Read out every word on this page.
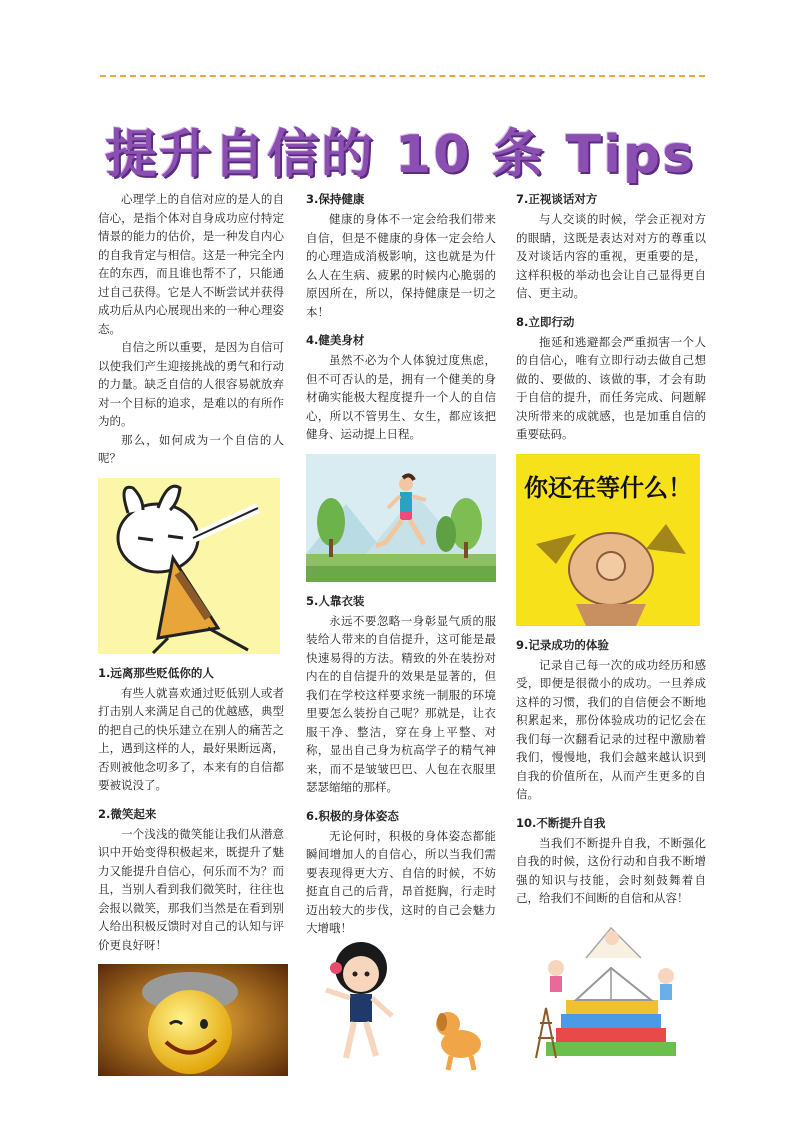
提升自信的 10 条 Tips

心理学上的自信对应的是人的自信心，是指个体对自身成功应付特定情景的能力的估价，是一种发自内心的自我肯定与相信。这是一种完全内在的东西，而且谁也帮不了，只能通过自己获得。它是人不断尝试并获得成功后从内心展现出来的一种心理姿态。

自信之所以重要，是因为自信可以使我们产生迎接挑战的勇气和行动的力量。缺乏自信的人很容易就放弃对一个目标的追求，是难以的有所作为的。

那么，如何成为一个自信的人呢？

1.远离那些贬低你的人

有些人就喜欢通过贬低别人或者打击别人来满足自己的优越感，典型的把自己的快乐建立在别人的痛苦之上，遇到这样的人，最好果断远离，否则被他念叨多了，本来有的自信都要被说没了。

2.微笑起来

一个浅浅的微笑能让我们从潜意识中开始变得积极起来，既提升了魅力又能提升自信心，何乐而不为？而且，当别人看到我们微笑时，往往也会报以微笑，那我们当然是在看到别人给出积极反馈时对自己的认知与评价更良好呀！

3.保持健康

健康的身体不一定会给我们带来自信，但是不健康的身体一定会给人的心理造成消极影响，这也就是为什么人在生病、疲累的时候内心脆弱的原因所在，所以，保持健康是一切之本！

4.健美身材

虽然不必为个人体貌过度焦虑，但不可否认的是，拥有一个健美的身材确实能极大程度提升一个人的自信心，所以不管男生、女生，都应该把健身、运动提上日程。

5.人靠衣装

永远不要忽略一身彰显气质的服装给人带来的自信提升，这可能是最快速易得的方法。精致的外在装扮对内在的自信提升的效果是显著的，但我们在学校这样要求统一制服的环境里要怎么装扮自己呢？那就是，让衣服干净、整洁，穿在身上平整、对称，显出自己身为杭高学子的精气神来，而不是皱皱巴巴、人包在衣服里瑟瑟缩缩的那样。

6.积极的身体姿态

无论何时，积极的身体姿态都能瞬间增加人的自信心，所以当我们需要表现得更大方、自信的时候，不妨挺直自己的后背，昂首挺胸，行走时迈出较大的步伐，这时的自己会魅力大增哦！

7.正视谈话对方

与人交谈的时候，学会正视对方的眼睛，这既是表达对对方的尊重以及对谈话内容的重视，更重要的是，这样积极的举动也会让自己显得更自信、更主动。

8.立即行动

拖延和逃避都会严重损害一个人的自信心，唯有立即行动去做自己想做的、要做的、该做的事，才会有助于自信的提升，而任务完成、问题解决所带来的成就感，也是加重自信的重要砝码。

你还在等什么！
9.记录成功的体验

记录自己每一次的成功经历和感受，即便是很微小的成功。一旦养成这样的习惯，我们的自信便会不断地积累起来，那份体验成功的记忆会在我们每一次翻看记录的过程中激励着我们，慢慢地，我们会越来越认识到自我的价值所在，从而产生更多的自信。

10.不断提升自我

当我们不断提升自我，不断强化自我的时候，这份行动和自我不断增强的知识与技能，会时刻鼓舞着自己，给我们不间断的自信和从容！
